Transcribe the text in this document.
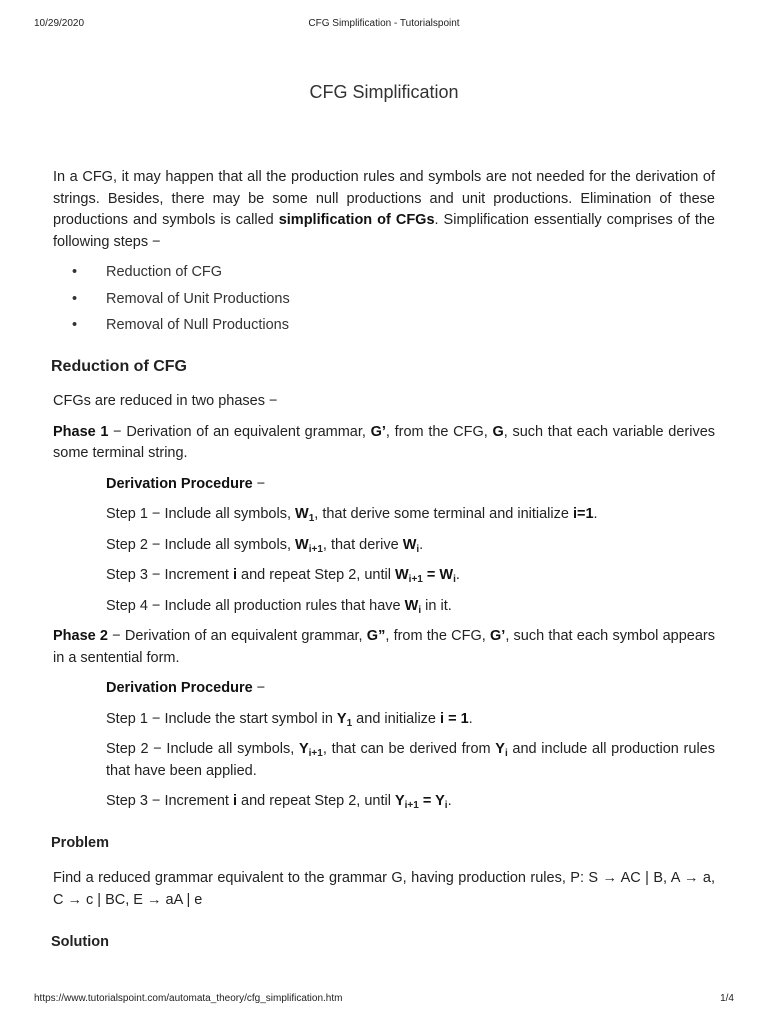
10/29/2020	CFG Simplification - Tutorialspoint
CFG Simplification

In a CFG, it may happen that all the production rules and symbols are not needed for the derivation of strings. Besides, there may be some null productions and unit productions. Elimination of these productions and symbols is called simplification of CFGs. Simplification essentially comprises of the following steps −

• Reduction of CFG
• Removal of Unit Productions
• Removal of Null Productions
Reduction of CFG

CFGs are reduced in two phases −

Phase 1 − Derivation of an equivalent grammar, G’, from the CFG, G, such that each variable derives some terminal string.

Derivation Procedure −

Step 1 − Include all symbols, $W_1$, that derive some terminal and initialize i=1.

Step 2 − Include all symbols, $W_{i+1}$, that derive $W_i$.

Step 3 − Increment i and repeat Step 2, until $W_{i+1} = W_i$.

Step 4 − Include all production rules that have $W_i$ in it.

Phase 2 − Derivation of an equivalent grammar, G”, from the CFG, G’, such that each symbol appears in a sentential form.

Derivation Procedure −

Step 1 − Include the start symbol in $Y_1$ and initialize i = 1.

Step 2 − Include all symbols, $Y_{i+1}$, that can be derived from $Y_i$ and include all production rules that have been applied.

Step 3 − Increment i and repeat Step 2, until $Y_{i+1} = Y_i$.

Problem

Find a reduced grammar equivalent to the grammar G, having production rules, P: S → AC | B, A → a, C → c | BC, E → aA | e

Solution
https://www.tutorialspoint.com/automata_theory/cfg_simplification.htm	1/4
